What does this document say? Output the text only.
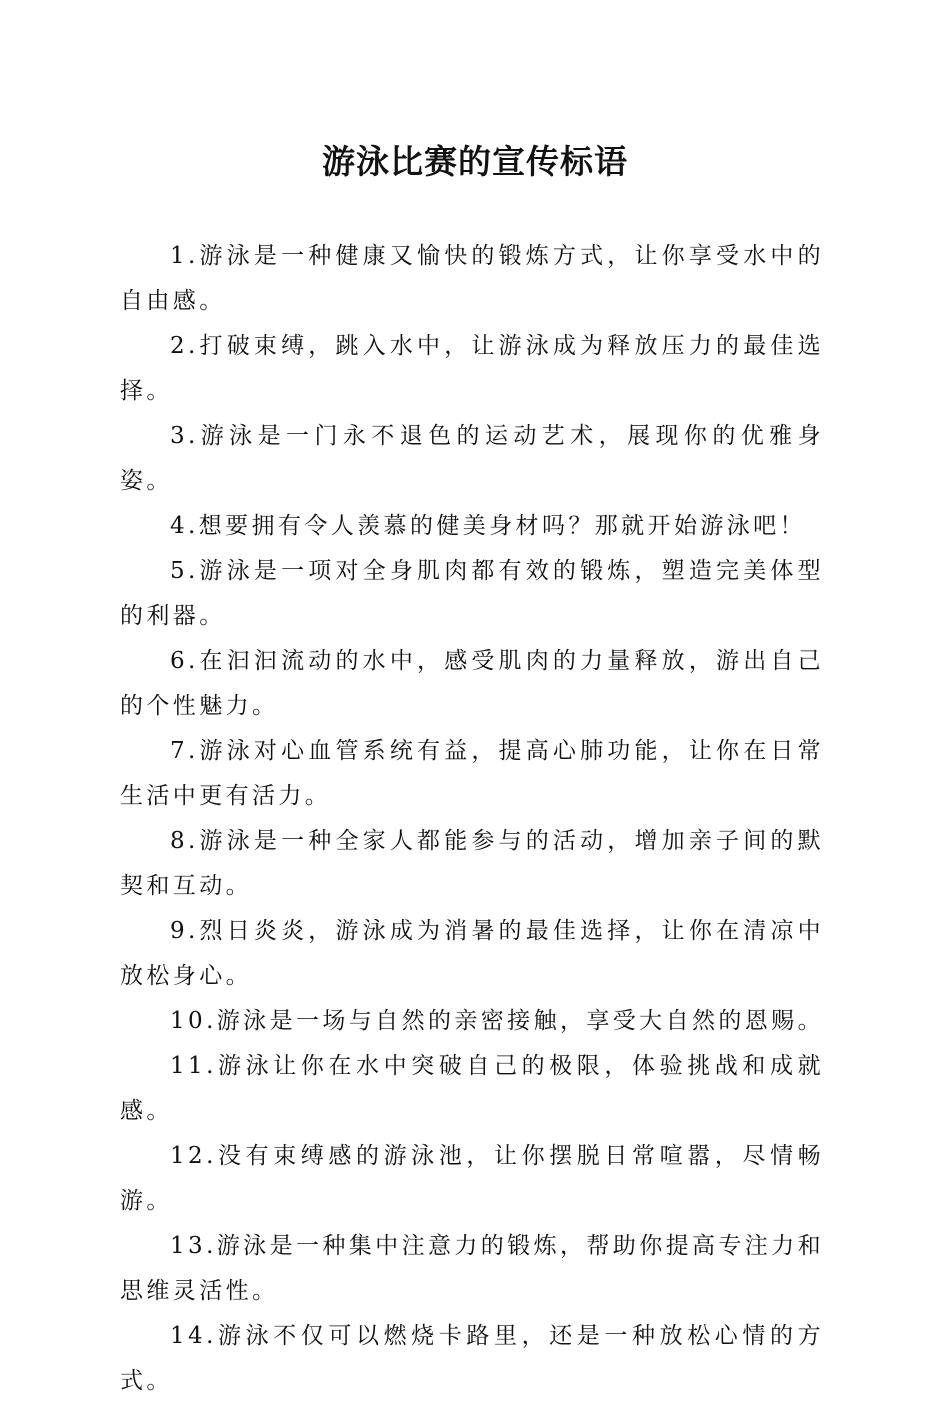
游泳比赛的宣传标语
1.游泳是一种健康又愉快的锻炼方式，让你享受水中的自由感。
2.打破束缚，跳入水中，让游泳成为释放压力的最佳选择。
3.游泳是一门永不退色的运动艺术，展现你的优雅身姿。
4.想要拥有令人羡慕的健美身材吗？那就开始游泳吧！
5.游泳是一项对全身肌肉都有效的锻炼，塑造完美体型的利器。
6.在汩汩流动的水中，感受肌肉的力量释放，游出自己的个性魅力。
7.游泳对心血管系统有益，提高心肺功能，让你在日常生活中更有活力。
8.游泳是一种全家人都能参与的活动，增加亲子间的默契和互动。
9.烈日炎炎，游泳成为消暑的最佳选择，让你在清凉中放松身心。
10.游泳是一场与自然的亲密接触，享受大自然的恩赐。
11.游泳让你在水中突破自己的极限，体验挑战和成就感。
12.没有束缚感的游泳池，让你摆脱日常喧嚣，尽情畅游。
13.游泳是一种集中注意力的锻炼，帮助你提高专注力和思维灵活性。
14.游泳不仅可以燃烧卡路里，还是一种放松心情的方式。
